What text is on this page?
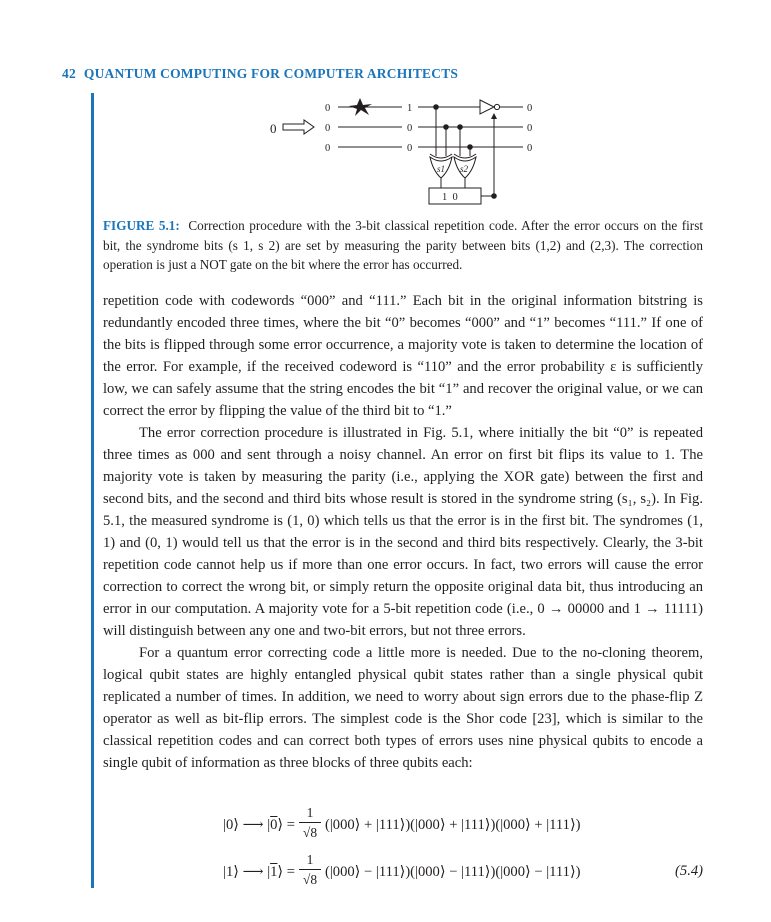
42 QUANTUM COMPUTING FOR COMPUTER ARCHITECTS
0
0
0
0
1
0
0
0
0
0
s1 s2
1  0
FIGURE 5.1: Correction procedure with the 3-bit classical repetition code. After the error occurs on the first bit, the syndrome bits (s 1, s 2) are set by measuring the parity between bits (1,2) and (2,3). The correction operation is just a NOT gate on the bit where the error has occurred.

repetition code with codewords “000” and “111.” Each bit in the original information bitstring is redundantly encoded three times, where the bit “0” becomes “000” and “1” becomes “111.” If one of the bits is flipped through some error occurrence, a majority vote is taken to determine the location of the error. For example, if the received codeword is “110” and the error probability ε is sufficiently low, we can safely assume that the string encodes the bit “1” and recover the original value, or we can correct the error by flipping the value of the third bit to “1.”

The error correction procedure is illustrated in Fig. 5.1, where initially the bit “0” is repeated three times as 000 and sent through a noisy channel. An error on first bit flips its value to 1. The majority vote is taken by measuring the parity (i.e., applying the XOR gate) between the first and second bits, and the second and third bits whose result is stored in the syndrome string (s₁, s₂). In Fig. 5.1, the measured syndrome is (1, 0) which tells us that the error is in the first bit. The syndromes (1, 1) and (0, 1) would tell us that the error is in the second and third bits respectively. Clearly, the 3-bit repetition code cannot help us if more than one error occurs. In fact, two errors will cause the error correction to correct the wrong bit, or simply return the opposite original data bit, thus introducing an error in our computation. A majority vote for a 5-bit repetition code (i.e., 0 → 00000 and 1 → 11111) will distinguish between any one and two-bit errors, but not three errors.

For a quantum error correcting code a little more is needed. Due to the no-cloning theorem, logical qubit states are highly entangled physical qubit states rather than a single physical qubit replicated a number of times. In addition, we need to worry about sign errors due to the phase-flip Z operator as well as bit-flip errors. The simplest code is the Shor code [23], which is similar to the classical repetition codes and can correct both types of errors uses nine physical qubits to encode a single qubit of information as three blocks of three qubits each:

|0⟩ ⟶ |0⟩ =
1
√8 (|000⟩ + |111⟩)(|000⟩ + |111⟩)(|000⟩ + |111⟩)
|1⟩ ⟶ |1⟩ =
1
√8 (|000⟩ − |111⟩)(|000⟩ − |111⟩)(|000⟩ − |111⟩)	(5.4)
